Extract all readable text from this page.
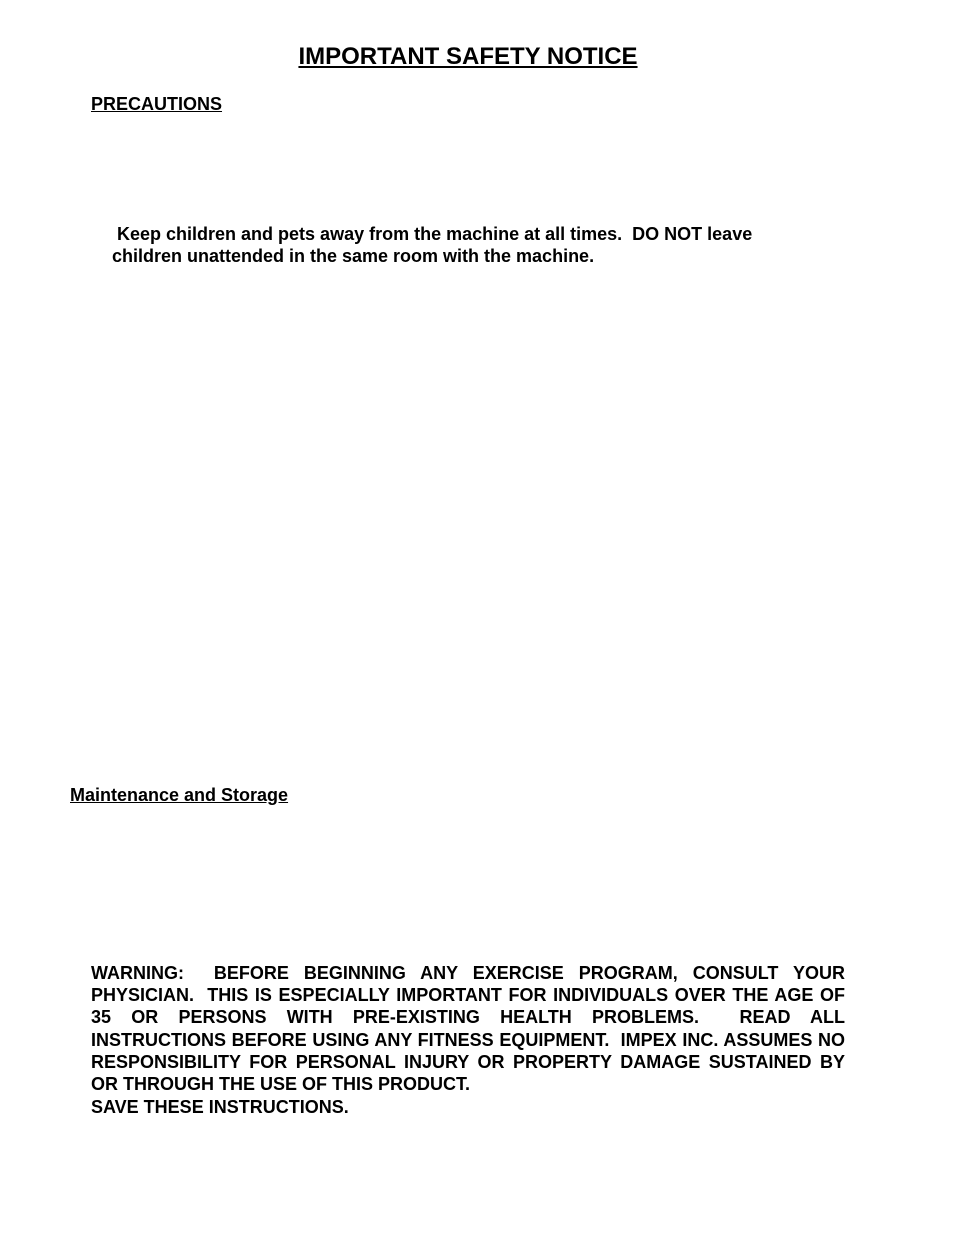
IMPORTANT SAFETY NOTICE
PRECAUTIONS
Keep children and pets away from the machine at all times.  DO NOT leave children unattended in the same room with the machine.
Maintenance and Storage
WARNING:  BEFORE BEGINNING ANY EXERCISE PROGRAM, CONSULT YOUR PHYSICIAN.  THIS IS ESPECIALLY IMPORTANT FOR INDIVIDUALS OVER THE AGE OF 35 OR PERSONS WITH PRE-EXISTING HEALTH PROBLEMS.  READ ALL INSTRUCTIONS BEFORE USING ANY FITNESS EQUIPMENT.  IMPEX INC. ASSUMES NO RESPONSIBILITY FOR PERSONAL INJURY OR PROPERTY DAMAGE SUSTAINED BY OR THROUGH THE USE OF THIS PRODUCT.
SAVE THESE INSTRUCTIONS.
